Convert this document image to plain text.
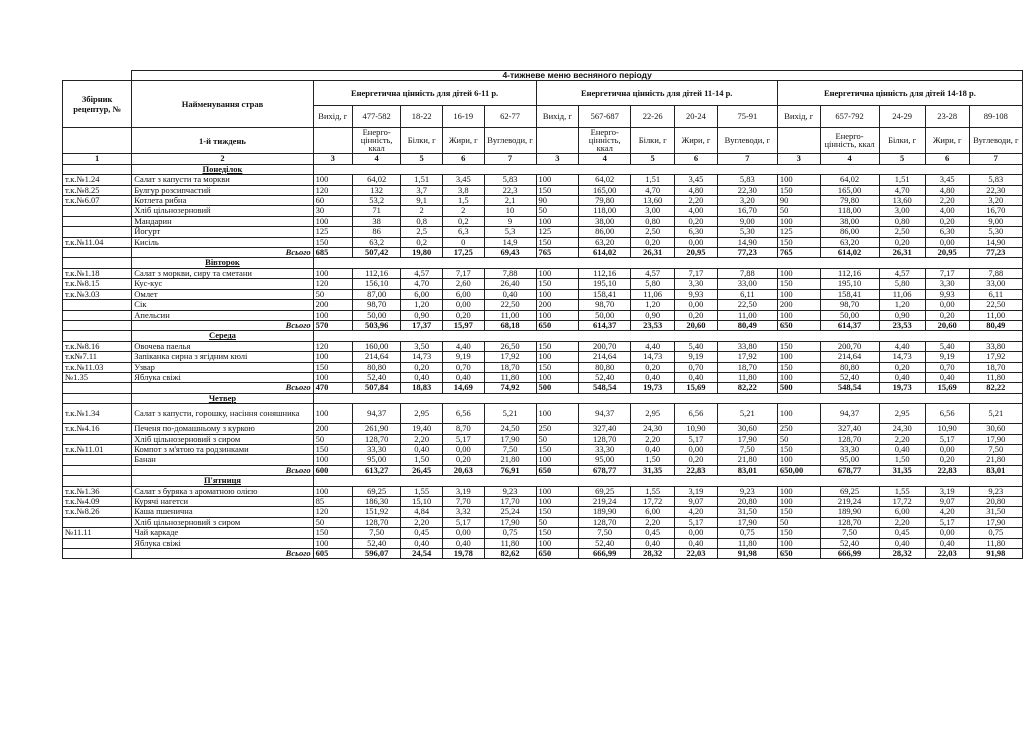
	4-тижневе меню весняного періоду															
Збірник рецептур, №	Найменування страв	Енергетична цінність для дітей 6-11 р.					Енергетична цінність для дітей 11-14 р.					Енергетична цінність для дітей 14-18 р.				
		Вихід, г	477-582	18-22	16-19	62-77	Вихід, г	567-687	22-26	20-24	75-91	Вихід, г	657-792	24-29	23-28	89-108
	1-й тиждень		Енерго-цінність, ккал	Білки, г	Жири, г	Вуглеводи, г		Енерго-цінність, ккал	Білки, г	Жири, г	Вуглеводи, г		Енерго-цінність, ккал	Білки, г	Жири, г	Вуглеводи, г
1	2	3	4	5	6	7	3	4	5	6	7	3	4	5	6	7
	Понеділок															
т.к.№1.24	Салат з капусти та моркви	100	64,02	1,51	3,45	5,83	100	64,02	1,51	3,45	5,83	100	64,02	1,51	3,45	5,83
т.к.№8.25	Булгур розсипчастий	120	132	3,7	3,8	22,3	150	165,00	4,70	4,80	22,30	150	165,00	4,70	4,80	22,30
т.к.№6.07	Котлета рибна	60	53,2	9,1	1,5	2,1	90	79,80	13,60	2,20	3,20	90	79,80	13,60	2,20	3,20
	Хліб цільнозерновий	30	71	2	2	10	50	118,00	3,00	4,00	16,70	50	118,00	3,00	4,00	16,70
	Мандарин	100	38	0,8	0,2	9	100	38,00	0,80	0,20	9,00	100	38,00	0,80	0,20	9,00
	Йогурт	125	86	2,5	6,3	5,3	125	86,00	2,50	6,30	5,30	125	86,00	2,50	6,30	5,30
т.к.№11.04	Кисіль	150	63,2	0,2	0	14,9	150	63,20	0,20	0,00	14,90	150	63,20	0,20	0,00	14,90
	Всього	685	507,42	19,80	17,25	69,43	765	614,02	26,31	20,95	77,23	765	614,02	26,31	20,95	77,23
	Вівторок															
т.к.№1.18	Салат з моркви, сиру та сметани	100	112,16	4,57	7,17	7,88	100	112,16	4,57	7,17	7,88	100	112,16	4,57	7,17	7,88
т.к.№8.15	Кус-кус	120	156,10	4,70	2,60	26,40	150	195,10	5,80	3,30	33,00	150	195,10	5,80	3,30	33,00
т.к.№3.03	Омлет	50	87,00	6,00	6,00	0,40	100	158,41	11,06	9,93	6,11	100	158,41	11,06	9,93	6,11
	Сік	200	98,70	1,20	0,00	22,50	200	98,70	1,20	0,00	22,50	200	98,70	1,20	0,00	22,50
	Апельсин	100	50,00	0,90	0,20	11,00	100	50,00	0,90	0,20	11,00	100	50,00	0,90	0,20	11,00
	Всього	570	503,96	17,37	15,97	68,18	650	614,37	23,53	20,60	80,49	650	614,37	23,53	20,60	80,49
	Середа															
т.к.№8.16	Овочева паелья	120	160,00	3,50	4,40	26,50	150	200,70	4,40	5,40	33,80	150	200,70	4,40	5,40	33,80
т.к№7.11	Запіканка сирна з ягідним кюлі	100	214,64	14,73	9,19	17,92	100	214,64	14,73	9,19	17,92	100	214,64	14,73	9,19	17,92
т.к.№11.03	Узвар	150	80,80	0,20	0,70	18,70	150	80,80	0,20	0,70	18,70	150	80,80	0,20	0,70	18,70
№1.35	Яблука свіжі	100	52,40	0,40	0,40	11,80	100	52,40	0,40	0,40	11,80	100	52,40	0,40	0,40	11,80
	Всього	470	507,84	18,83	14,69	74,92	500	548,54	19,73	15,69	82,22	500	548,54	19,73	15,69	82,22
	Четвер															
т.к.№1.34	Салат з капусти, горошку, насіння соняшника	100	94,37	2,95	6,56	5,21	100	94,37	2,95	6,56	5,21	100	94,37	2,95	6,56	5,21
т.к.№4.16	Печеня по-домашньому з куркою	200	261,90	19,40	8,70	24,50	250	327,40	24,30	10,90	30,60	250	327,40	24,30	10,90	30,60
	Хліб цільнозерновий з сиром	50	128,70	2,20	5,17	17,90	50	128,70	2,20	5,17	17,90	50	128,70	2,20	5,17	17,90
т.к.№11.01	Компот з м'ятою та родзинками	150	33,30	0,40	0,00	7,50	150	33,30	0,40	0,00	7,50	150	33,30	0,40	0,00	7,50
	Банан	100	95,00	1,50	0,20	21,80	100	95,00	1,50	0,20	21,80	100	95,00	1,50	0,20	21,80
	Всього	600	613,27	26,45	20,63	76,91	650	678,77	31,35	22,83	83,01	650,00	678,77	31,35	22,83	83,01
	П'ятниця															
т.к.№1.36	Салат з буряка з ароматною олією	100	69,25	1,55	3,19	9,23	100	69,25	1,55	3,19	9,23	100	69,25	1,55	3,19	9,23
т.к.№4.09	Курячі нагетси	85	186,30	15,10	7,70	17,70	100	219,24	17,72	9,07	20,80	100	219,24	17,72	9,07	20,80
т.к.№8.26	Каша пшенична	120	151,92	4,84	3,32	25,24	150	189,90	6,00	4,20	31,50	150	189,90	6,00	4,20	31,50
	Хліб цільнозерновий з сиром	50	128,70	2,20	5,17	17,90	50	128,70	2,20	5,17	17,90	50	128,70	2,20	5,17	17,90
№11.11	Чай каркаде	150	7,50	0,45	0,00	0,75	150	7,50	0,45	0,00	0,75	150	7,50	0,45	0,00	0,75
	Яблука свіжі	100	52,40	0,40	0,40	11,80	100	52,40	0,40	0,40	11,80	100	52,40	0,40	0,40	11,80
	Всього	605	596,07	24,54	19,78	82,62	650	666,99	28,32	22,03	91,98	650	666,99	28,32	22,03	91,98
